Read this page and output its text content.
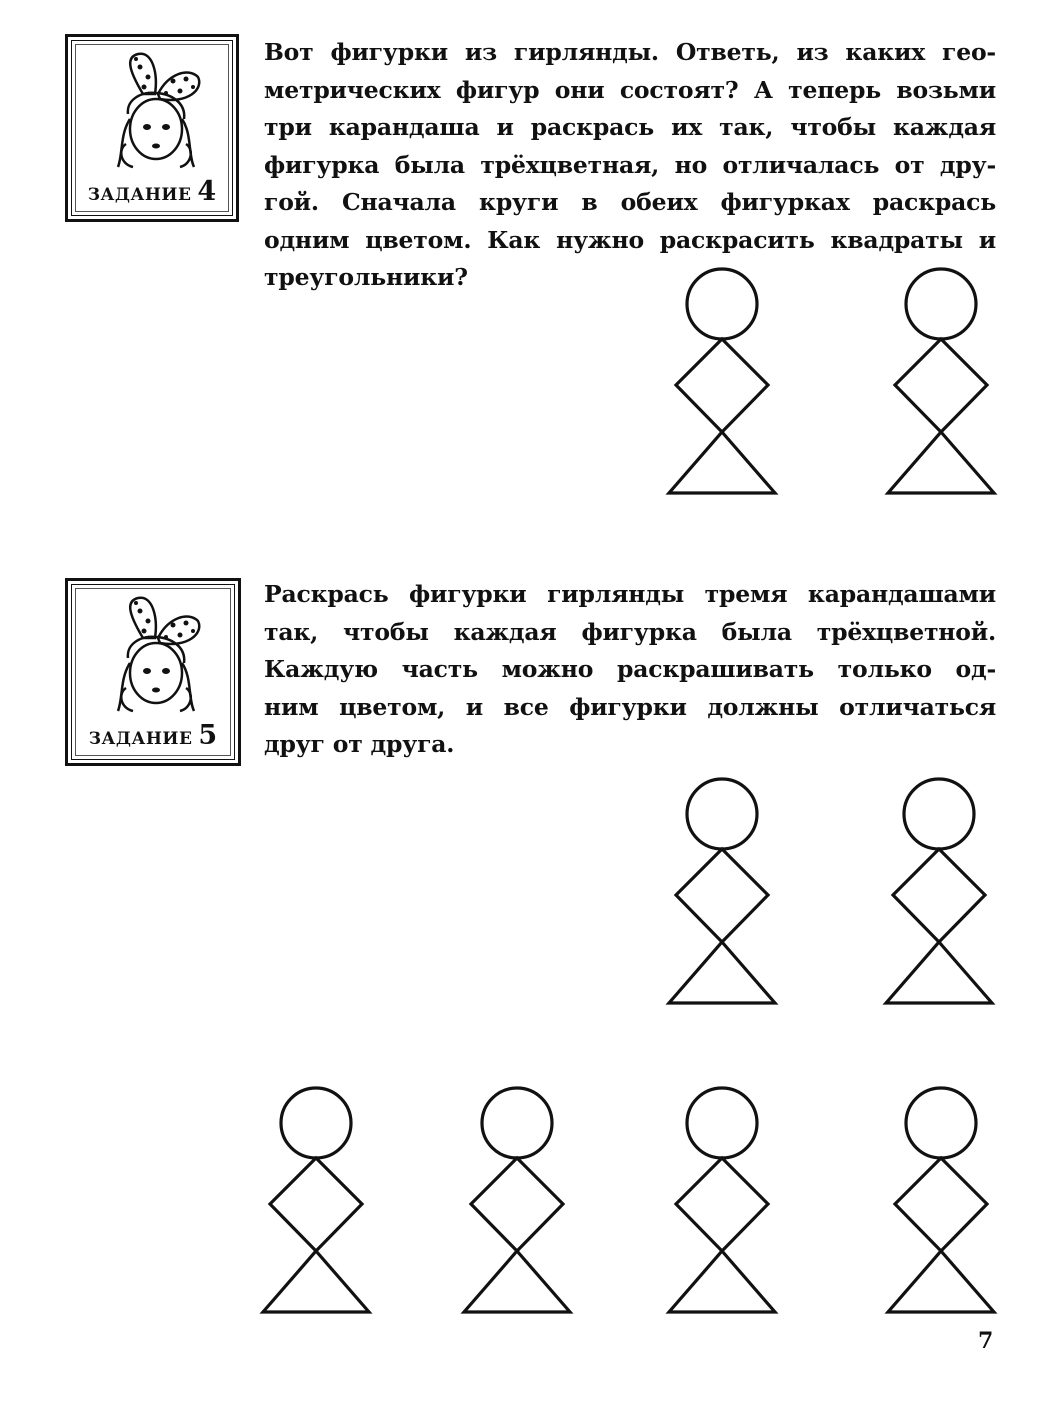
ЗАДАНИЕ 4
Вот фигурки из гирлянды. Ответь, из каких гео-
метрических фигур они состоят? А теперь возьми
три карандаша и раскрась их так, чтобы каждая
фигурка была трёхцветная, но отличалась от дру-
гой. Сначала круги в обеих фигурках раскрась
одним цветом. Как нужно раскрасить квадраты и
треугольники?
ЗАДАНИЕ 5
Раскрась фигурки гирлянды тремя карандашами
так, чтобы каждая фигурка была трёхцветной.
Каждую часть можно раскрашивать только од-
ним цветом, и все фигурки должны отличаться
друг от друга.
7
